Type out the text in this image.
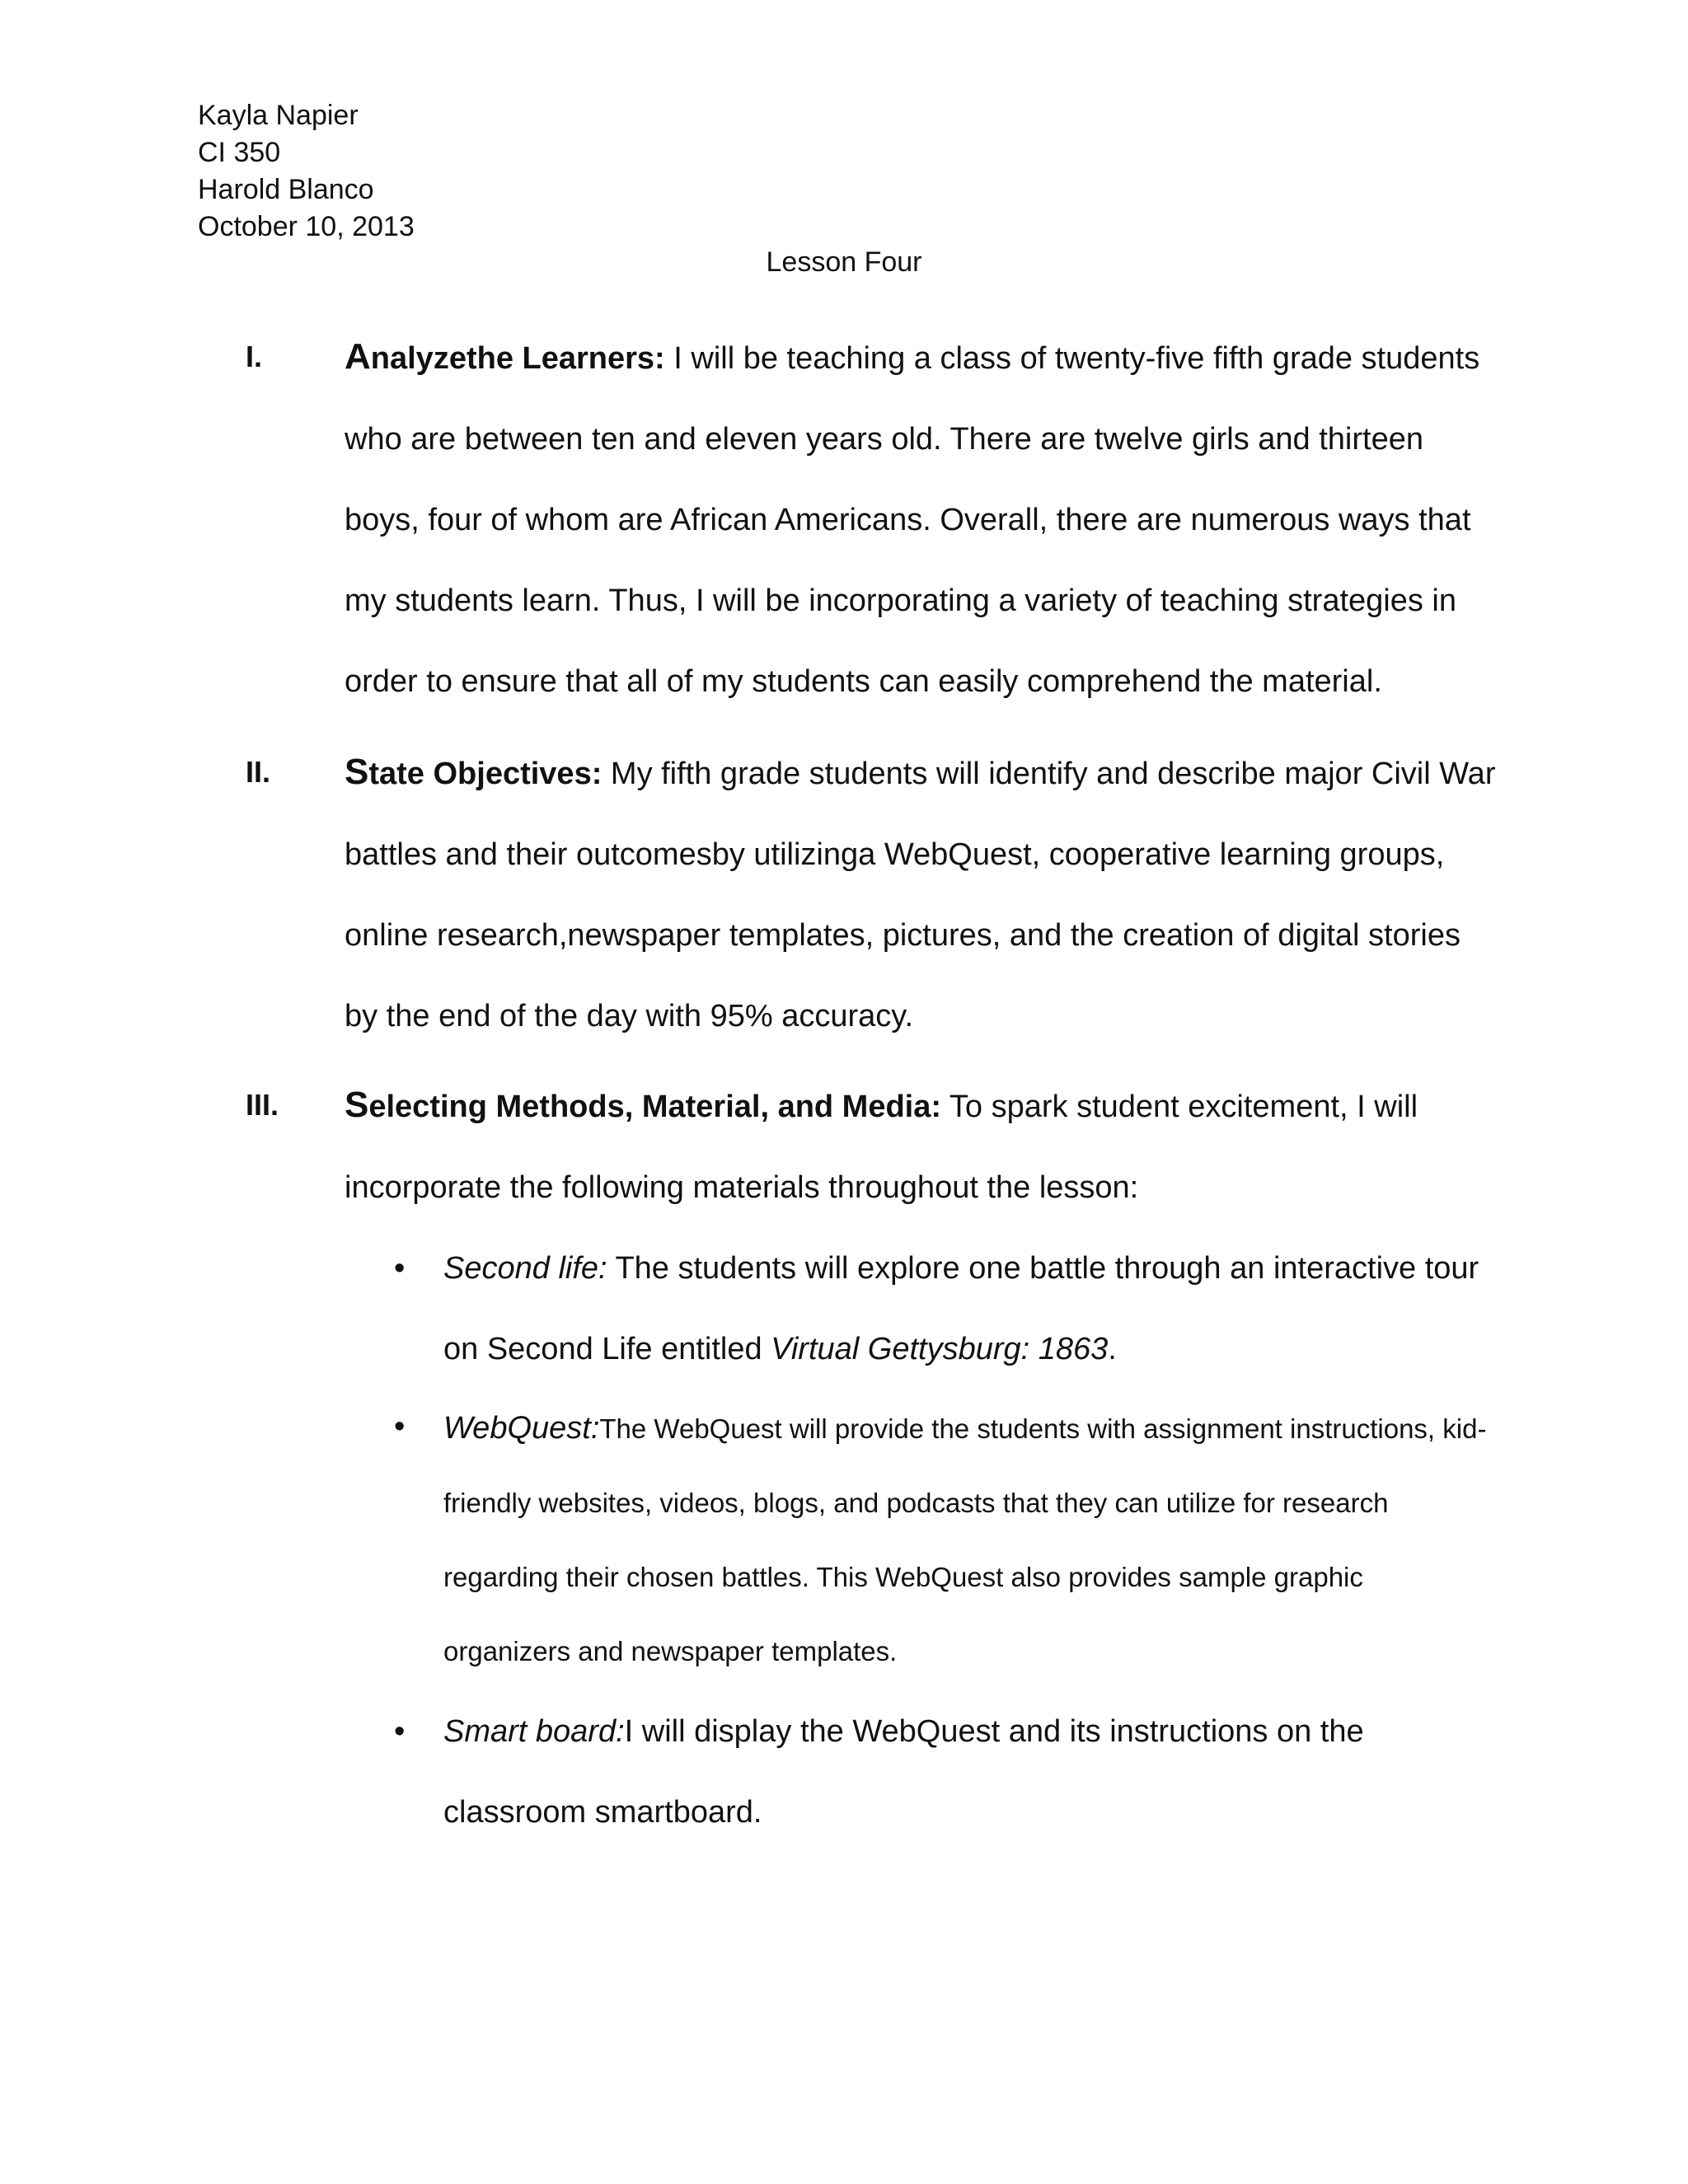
Kayla Napier
CI 350
Harold Blanco
October 10, 2013
Lesson Four
I. Analyzethe Learners: I will be teaching a class of twenty-five fifth grade students who are between ten and eleven years old. There are twelve girls and thirteen boys, four of whom are African Americans. Overall, there are numerous ways that my students learn. Thus, I will be incorporating a variety of teaching strategies in order to ensure that all of my students can easily comprehend the material.
II. State Objectives: My fifth grade students will identify and describe major Civil War battles and their outcomesby utilizinga WebQuest, cooperative learning groups, online research,newspaper templates, pictures, and the creation of digital stories by the end of the day with 95% accuracy.
III. Selecting Methods, Material, and Media: To spark student excitement, I will incorporate the following materials throughout the lesson:
• Second life: The students will explore one battle through an interactive tour on Second Life entitled Virtual Gettysburg: 1863.
• WebQuest:The WebQuest will provide the students with assignment instructions, kid-friendly websites, videos, blogs, and podcasts that they can utilize for research regarding their chosen battles. This WebQuest also provides sample graphic organizers and newspaper templates.
• Smart board:I will display the WebQuest and its instructions on the classroom smartboard.
